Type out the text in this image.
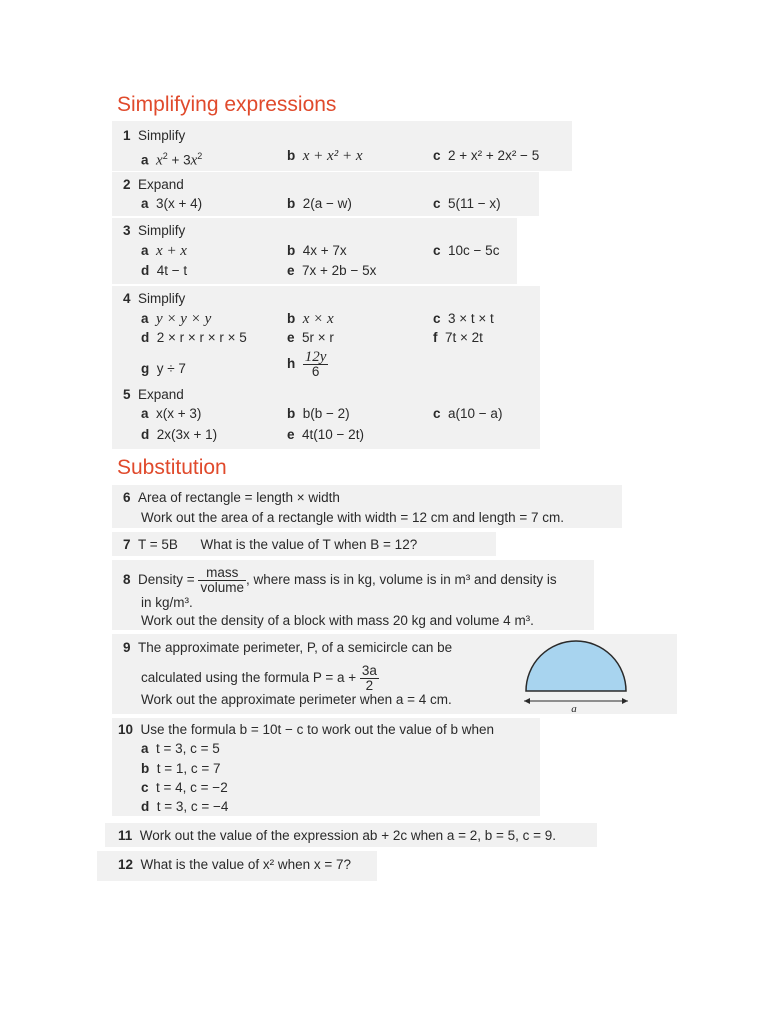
Simplifying expressions
1 Simplify
a $x^2 + 3x^2$	b x + x² + x	c 2 + x² + 2x² − 5
2 Expand
a 3(x + 4)	b 2(a − w)	c 5(11 − x)
3 Simplify
a x + x	b 4x + 7x	c 10c − 5c
d 4t − t	e 7x + 2b − 5x
4 Simplify
a y × y × y	b x × x	c 3 × t × t
d 2 × r × r × r × 5	e 5r × r	f 7t × 2t
g y ÷ 7	h $\frac{12y}{6}$
5 Expand
a x(x + 3)	b b(b − 2)	c a(10 − a)
d 2x(3x + 1)	e 4t(10 − 2t)
Substitution
6 Area of rectangle = length × width
Work out the area of a rectangle with width = 12 cm and length = 7 cm.
7 T = 5B What is the value of T when B = 12?
8 Density = $\frac{\text{mass}}{\text{volume}}$ , where mass is in kg, volume is in m³ and density is
in kg/m³.
Work out the density of a block with mass 20 kg and volume 4 m³.
9 The approximate perimeter, P, of a semicircle can be
calculated using the formula $P = a + \frac{3a}{2}$
Work out the approximate perimeter when a = 4 cm.
a
10 Use the formula b = 10t − c to work out the value of b when
a t = 3, c = 5
b t = 1, c = 7
c t = 4, c = −2
d t = 3, c = −4
11 Work out the value of the expression ab + 2c when a = 2, b = 5, c = 9.
12 What is the value of x² when x = 7?
